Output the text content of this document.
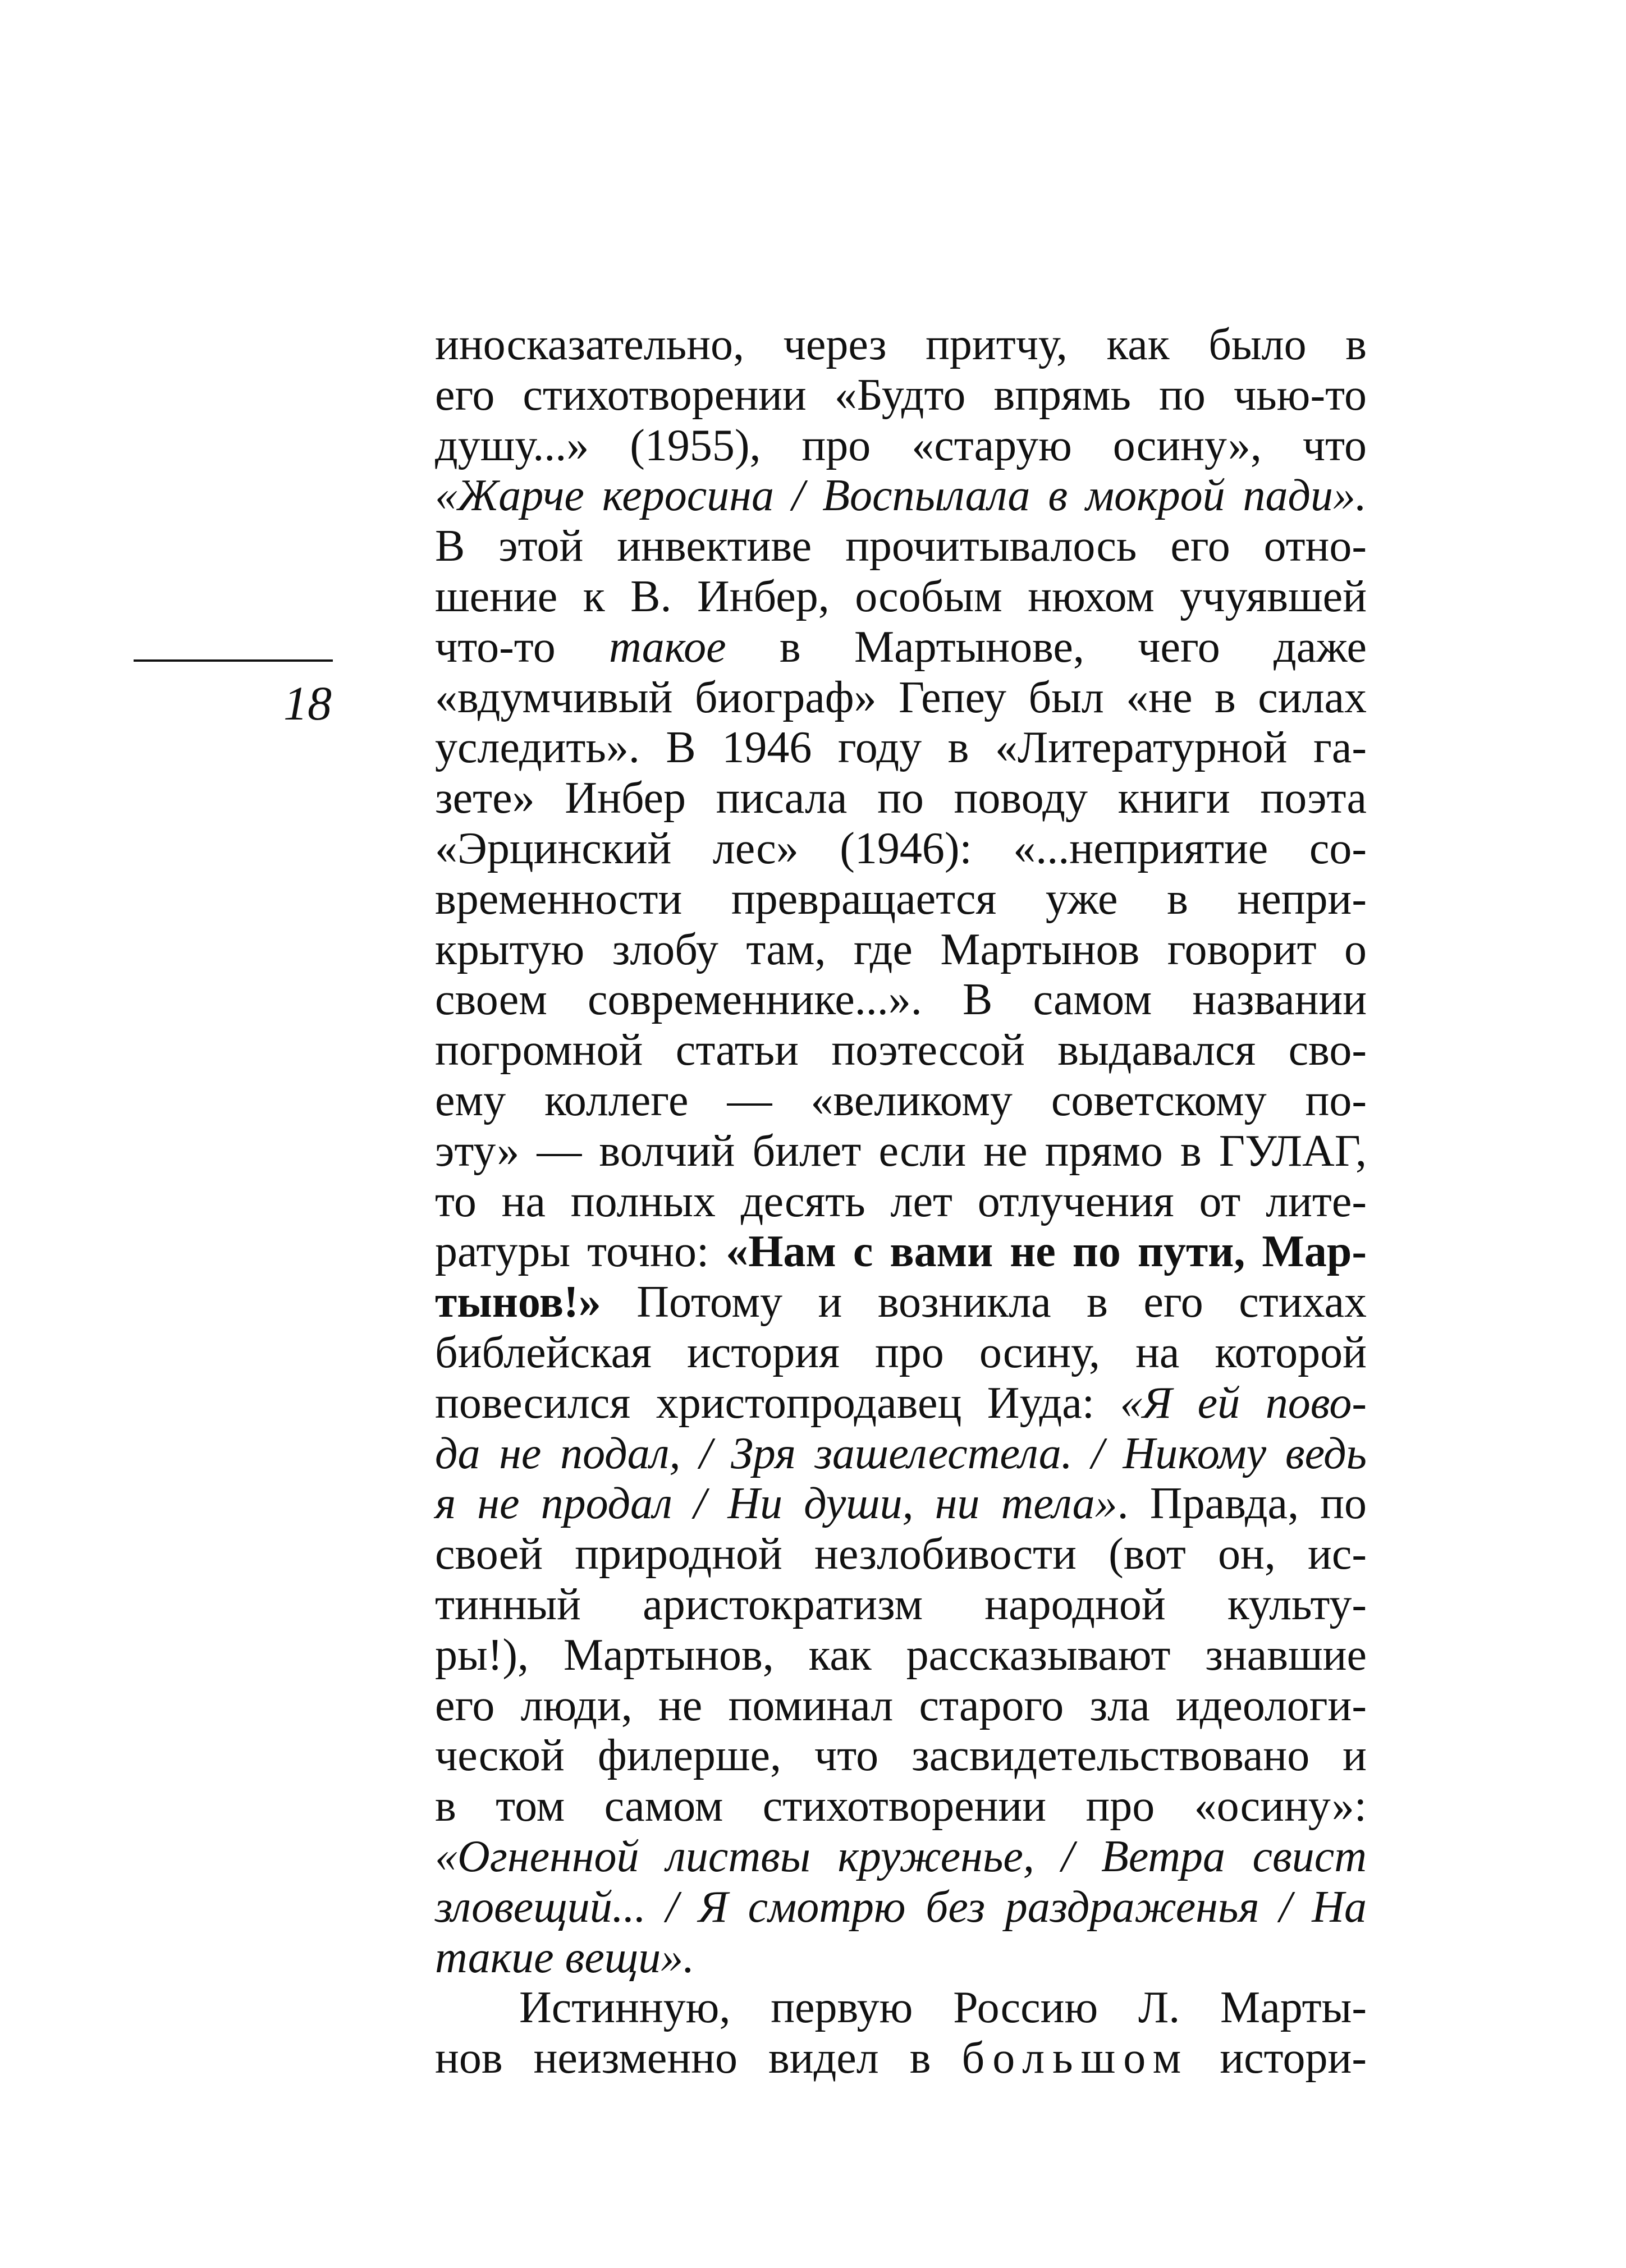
18
иносказательно, через притчу, как было в
его стихотворении «Будто впрямь по чью-то
душу...» (1955), про «старую осину», что
«Жарче керосина / Воспылала в мокрой пади».
В этой инвективе прочитывалось его отно-
шение к В. Инбер, особым нюхом учуявшей
что-то такое в Мартынове, чего даже
«вдумчивый биограф» Гепеу был «не в силах
уследить». В 1946 году в «Литературной га-
зете» Инбер писала по поводу книги поэта
«Эрцинский лес» (1946): «...неприятие со-
временности превращается уже в непри-
крытую злобу там, где Мартынов говорит о
своем современнике...». В самом названии
погромной статьи поэтессой выдавался сво-
ему коллеге — «великому советскому по-
эту» — волчий билет если не прямо в ГУЛАГ,
то на полных десять лет отлучения от лите-
ратуры точно: «Нам с вами не по пути, Мар-
тынов!» Потому и возникла в его стихах
библейская история про осину, на которой
повесился христопродавец Иуда: «Я ей пово-
да не подал, / Зря зашелестела. / Никому ведь
я не продал / Ни души, ни тела». Правда, по
своей природной незлобивости (вот он, ис-
тинный аристократизм народной культу-
ры!), Мартынов, как рассказывают знавшие
его люди, не поминал старого зла идеологи-
ческой филерше, что засвидетельствовано и
в том самом стихотворении про «осину»:
«Огненной листвы круженье, / Ветра свист
зловещий... / Я смотрю без раздраженья / На
такие вещи».
Истинную, первую Россию Л. Марты-
нов неизменно видел в большом истори-
